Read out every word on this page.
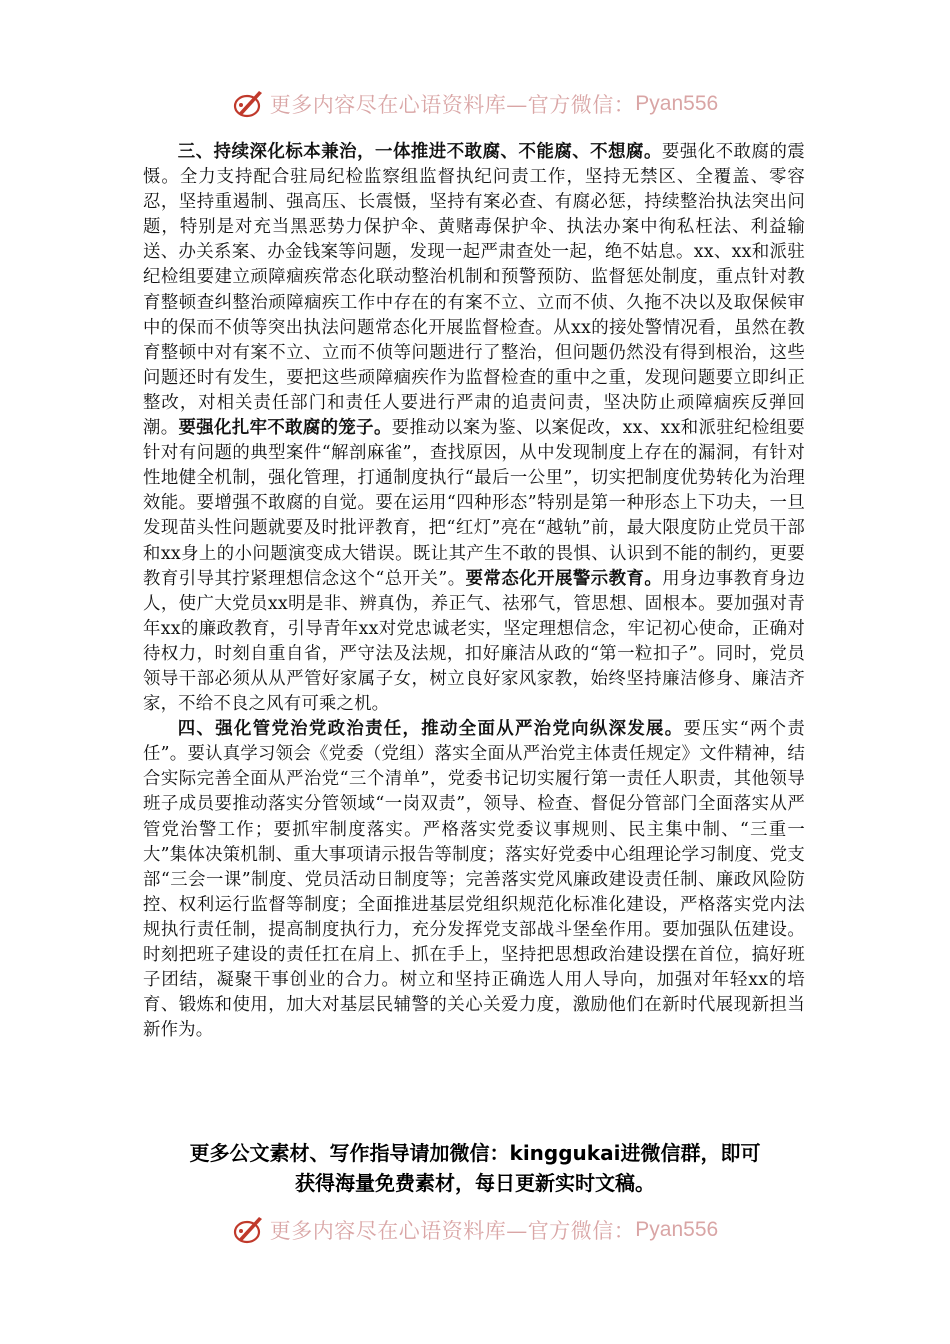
更多内容尽在心语资料库—官方微信： Pyan556

三、持续深化标本兼治，一体推进不敢腐、不能腐、不想腐。要强化不敢腐的震慑。全力支持配合驻局纪检监察组监督执纪问责工作，坚持无禁区、全覆盖、零容忍，坚持重遏制、强高压、长震慑，坚持有案必查、有腐必惩，持续整治执法突出问题，特别是对充当黑恶势力保护伞、黄赌毒保护伞、执法办案中徇私枉法、利益输送、办关系案、办金钱案等问题，发现一起严肃查处一起，绝不姑息。xx、xx和派驻纪检组要建立顽障痼疾常态化联动整治机制和预警预防、监督惩处制度，重点针对教育整顿查纠整治顽障痼疾工作中存在的有案不立、立而不侦、久拖不决以及取保候审中的保而不侦等突出执法问题常态化开展监督检查。从xx的接处警情况看，虽然在教育整顿中对有案不立、立而不侦等问题进行了整治，但问题仍然没有得到根治，这些问题还时有发生，要把这些顽障痼疾作为监督检查的重中之重，发现问题要立即纠正整改，对相关责任部门和责任人要进行严肃的追责问责，坚决防止顽障痼疾反弹回潮。要强化扎牢不敢腐的笼子。要推动以案为鉴、以案促改，xx、xx和派驻纪检组要针对有问题的典型案件“解剖麻雀”，查找原因，从中发现制度上存在的漏洞，有针对性地健全机制，强化管理，打通制度执行“最后一公里”，切实把制度优势转化为治理效能。要增强不敢腐的自觉。要在运用“四种形态”特别是第一种形态上下功夫，一旦发现苗头性问题就要及时批评教育，把“红灯”亮在“越轨”前，最大限度防止党员干部和xx身上的小问题演变成大错误。既让其产生不敢的畏惧、认识到不能的制约，更要教育引导其拧紧理想信念这个“总开关”。要常态化开展警示教育。用身边事教育身边人，使广大党员xx明是非、辨真伪，养正气、祛邪气，管思想、固根本。要加强对青年xx的廉政教育，引导青年xx对党忠诚老实，坚定理想信念，牢记初心使命，正确对待权力，时刻自重自省，严守法及法规，扣好廉洁从政的“第一粒扣子”。同时，党员领导干部必须从从严管好家属子女，树立良好家风家教，始终坚持廉洁修身、廉洁齐家，不给不良之风有可乘之机。

四、强化管党治党政治责任，推动全面从严治党向纵深发展。要压实“两个责任”。要认真学习领会《党委（党组）落实全面从严治党主体责任规定》文件精神，结合实际完善全面从严治党“三个清单”，党委书记切实履行第一责任人职责，其他领导班子成员要推动落实分管领域“一岗双责”，领导、检查、督促分管部门全面落实从严管党治警工作；要抓牢制度落实。严格落实党委议事规则、民主集中制、“三重一大”集体决策机制、重大事项请示报告等制度；落实好党委中心组理论学习制度、党支部“三会一课”制度、党员活动日制度等；完善落实党风廉政建设责任制、廉政风险防控、权利运行监督等制度；全面推进基层党组织规范化标准化建设，严格落实党内法规执行责任制，提高制度执行力，充分发挥党支部战斗堡垒作用。要加强队伍建设。时刻把班子建设的责任扛在肩上、抓在手上，坚持把思想政治建设摆在首位，搞好班子团结，凝聚干事创业的合力。树立和坚持正确选人用人导向，加强对年轻xx的培育、锻炼和使用，加大对基层民辅警的关心关爱力度，激励他们在新时代展现新担当新作为。

更多公文素材、写作指导请加微信：kinggukai进微信群，即可
获得海量免费素材，每日更新实时文稿。
更多内容尽在心语资料库—官方微信： Pyan556
